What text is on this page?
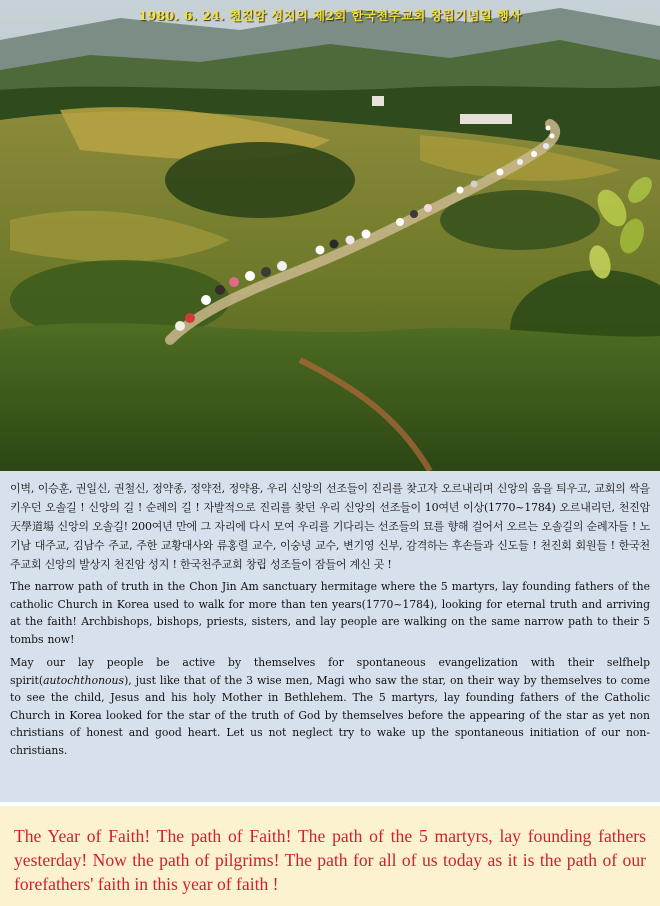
1980. 6. 24. 천진암 성지의 제2회 한국천주교회 창립기념일 행사

이벽, 이승훈, 권일신, 권철신, 정약종, 정약전, 정약용, 우리 신앙의 선조들이 진리를 찾고자 오르내리며 신앙의 움을 틔우고, 교회의 싹을 키우던 오솔길 ! 신앙의 길 ! 순례의 길 ! 자발적으로 진리를 찾던 우리 신앙의 선조들이 10여년 이상(1770~1784) 오르내리던, 천진암 天學道場 신앙의 오솔길! 200여년 만에 그 자리에 다시 모여 우리를 기다리는 선조들의 묘를 향해 걸어서 오르는 오솔길의 순례자들 ! 노기남 대주교, 김남수 주교, 주한 교황대사와 류홍렬 교수, 이숭녕 교수, 변기영 신부, 감격하는 후손들과 신도들 ! 천진회 회원들 ! 한국천주교회 신앙의 발상지 천진암 성지 ! 한국천주교회 창립 성조들이 잠들어 계신 곳 !

The narrow path of truth in the Chon Jin Am sanctuary hermitage where the 5 martyrs, lay founding fathers of the catholic Church in Korea used to walk for more than ten years(1770~1784), looking for eternal truth and arriving at the faith! Archbishops, bishops, priests, sisters, and lay people are walking on the same narrow path to their 5 tombs now!

May our lay people be active by themselves for spontaneous evangelization with their selfhelp spirit(autochthonous), just like that of the 3 wise men, Magi who saw the star, on their way by themselves to come to see the child, Jesus and his holy Mother in Bethlehem. The 5 martyrs, lay founding fathers of the Catholic Church in Korea looked for the star of the truth of God by themselves before the appearing of the star as yet non christians of honest and good heart. Let us not neglect try to wake up the spontaneous initiation of our non-christians.

The Year of Faith! The path of Faith! The path of the 5 martyrs, lay founding fathers yesterday! Now the path of pilgrims! The path for all of us today as it is the path of our forefathers' faith in this year of faith !
